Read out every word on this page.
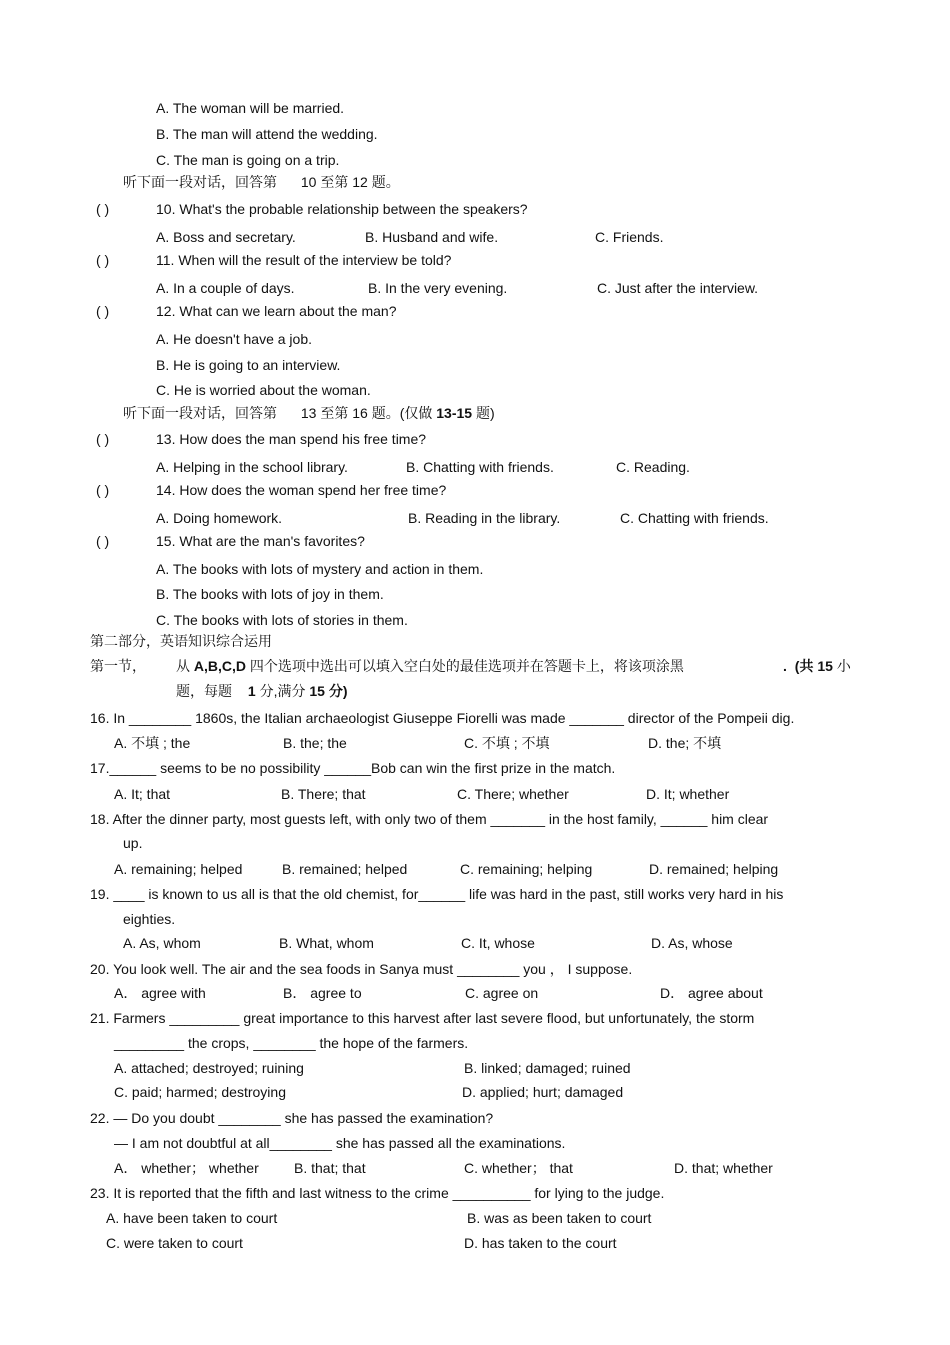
A. The woman will be married.
B. The man will attend the wedding.
C. The man is going on a trip.
听下面一段对话，回答第 10 至第 12 题。
( )	10. What's the probable relationship between the speakers?
A. Boss and secretary.	B. Husband and wife.	C. Friends.
( )	11. When will the result of the interview be told?
A. In a couple of days.	B. In the very evening.	C. Just after the interview.
( )	12. What can we learn about the man?
A. He doesn't have a job.
B. He is going to an interview.
C. He is worried about the woman.
听下面一段对话，回答第 13 至第 16 题。(仅做 13-15 题)
( )	13. How does the man spend his free time?
A. Helping in the school library.	B. Chatting with friends.	C. Reading.
( )	14. How does the woman spend her free time?
A. Doing homework.	B. Reading in the library.	C. Chatting with friends.
( )	15. What are the man's favorites?
A. The books with lots of mystery and action in them.
B. The books with lots of joy in them.
C. The books with lots of stories in them.
第二部分，英语知识综合运用
第一节， 从 A,B,C,D 四个选项中选出可以填入空白处的最佳选项并在答题卡上，将该项涂黑	. (共 15 小
题，每题 1 分,满分 15 分)
16. In ________ 1860s, the Italian archaeologist Giuseppe Fiorelli was made _______ director of the Pompeii dig.
A. 不填 ; the	B. the; the	C. 不填 ; 不填	D. the; 不填
17.______ seems to be no possibility ______Bob can win the first prize in the match.
A. It; that	B. There; that	C. There; whether	D. It; whether
18. After the dinner party, most guests left, with only two of them _______ in the host family, ______ him clear
up.
A. remaining; helped	B. remained; helped	C. remaining; helping	D. remained; helping
19. ____ is known to us all is that the old chemist, for______ life was hard in the past, still works very hard in his
eighties.
A. As, whom	B. What, whom	C. It, whose	D. As, whose
20. You look well. The air and the sea foods in Sanya must ________ you ， I suppose.
A． agree with	B． agree to	C. agree on	D． agree about
21. Farmers _________ great importance to this harvest after last severe flood, but unfortunately, the storm
_________ the crops, ________ the hope of the farmers.
A. attached; destroyed; ruining	B. linked; damaged; ruined
C. paid; harmed; destroying	D. applied; hurt; damaged
22. — Do you doubt ________ she has passed the examination?
— I am not doubtful at all________ she has passed all the examinations.
A． whether； whether	B. that; that	C. whether； that	D. that; whether
23. It is reported that the fifth and last witness to the crime __________ for lying to the judge.
A. have been taken to court	B. was as been taken to court
C. were taken to court	D. has taken to the court
